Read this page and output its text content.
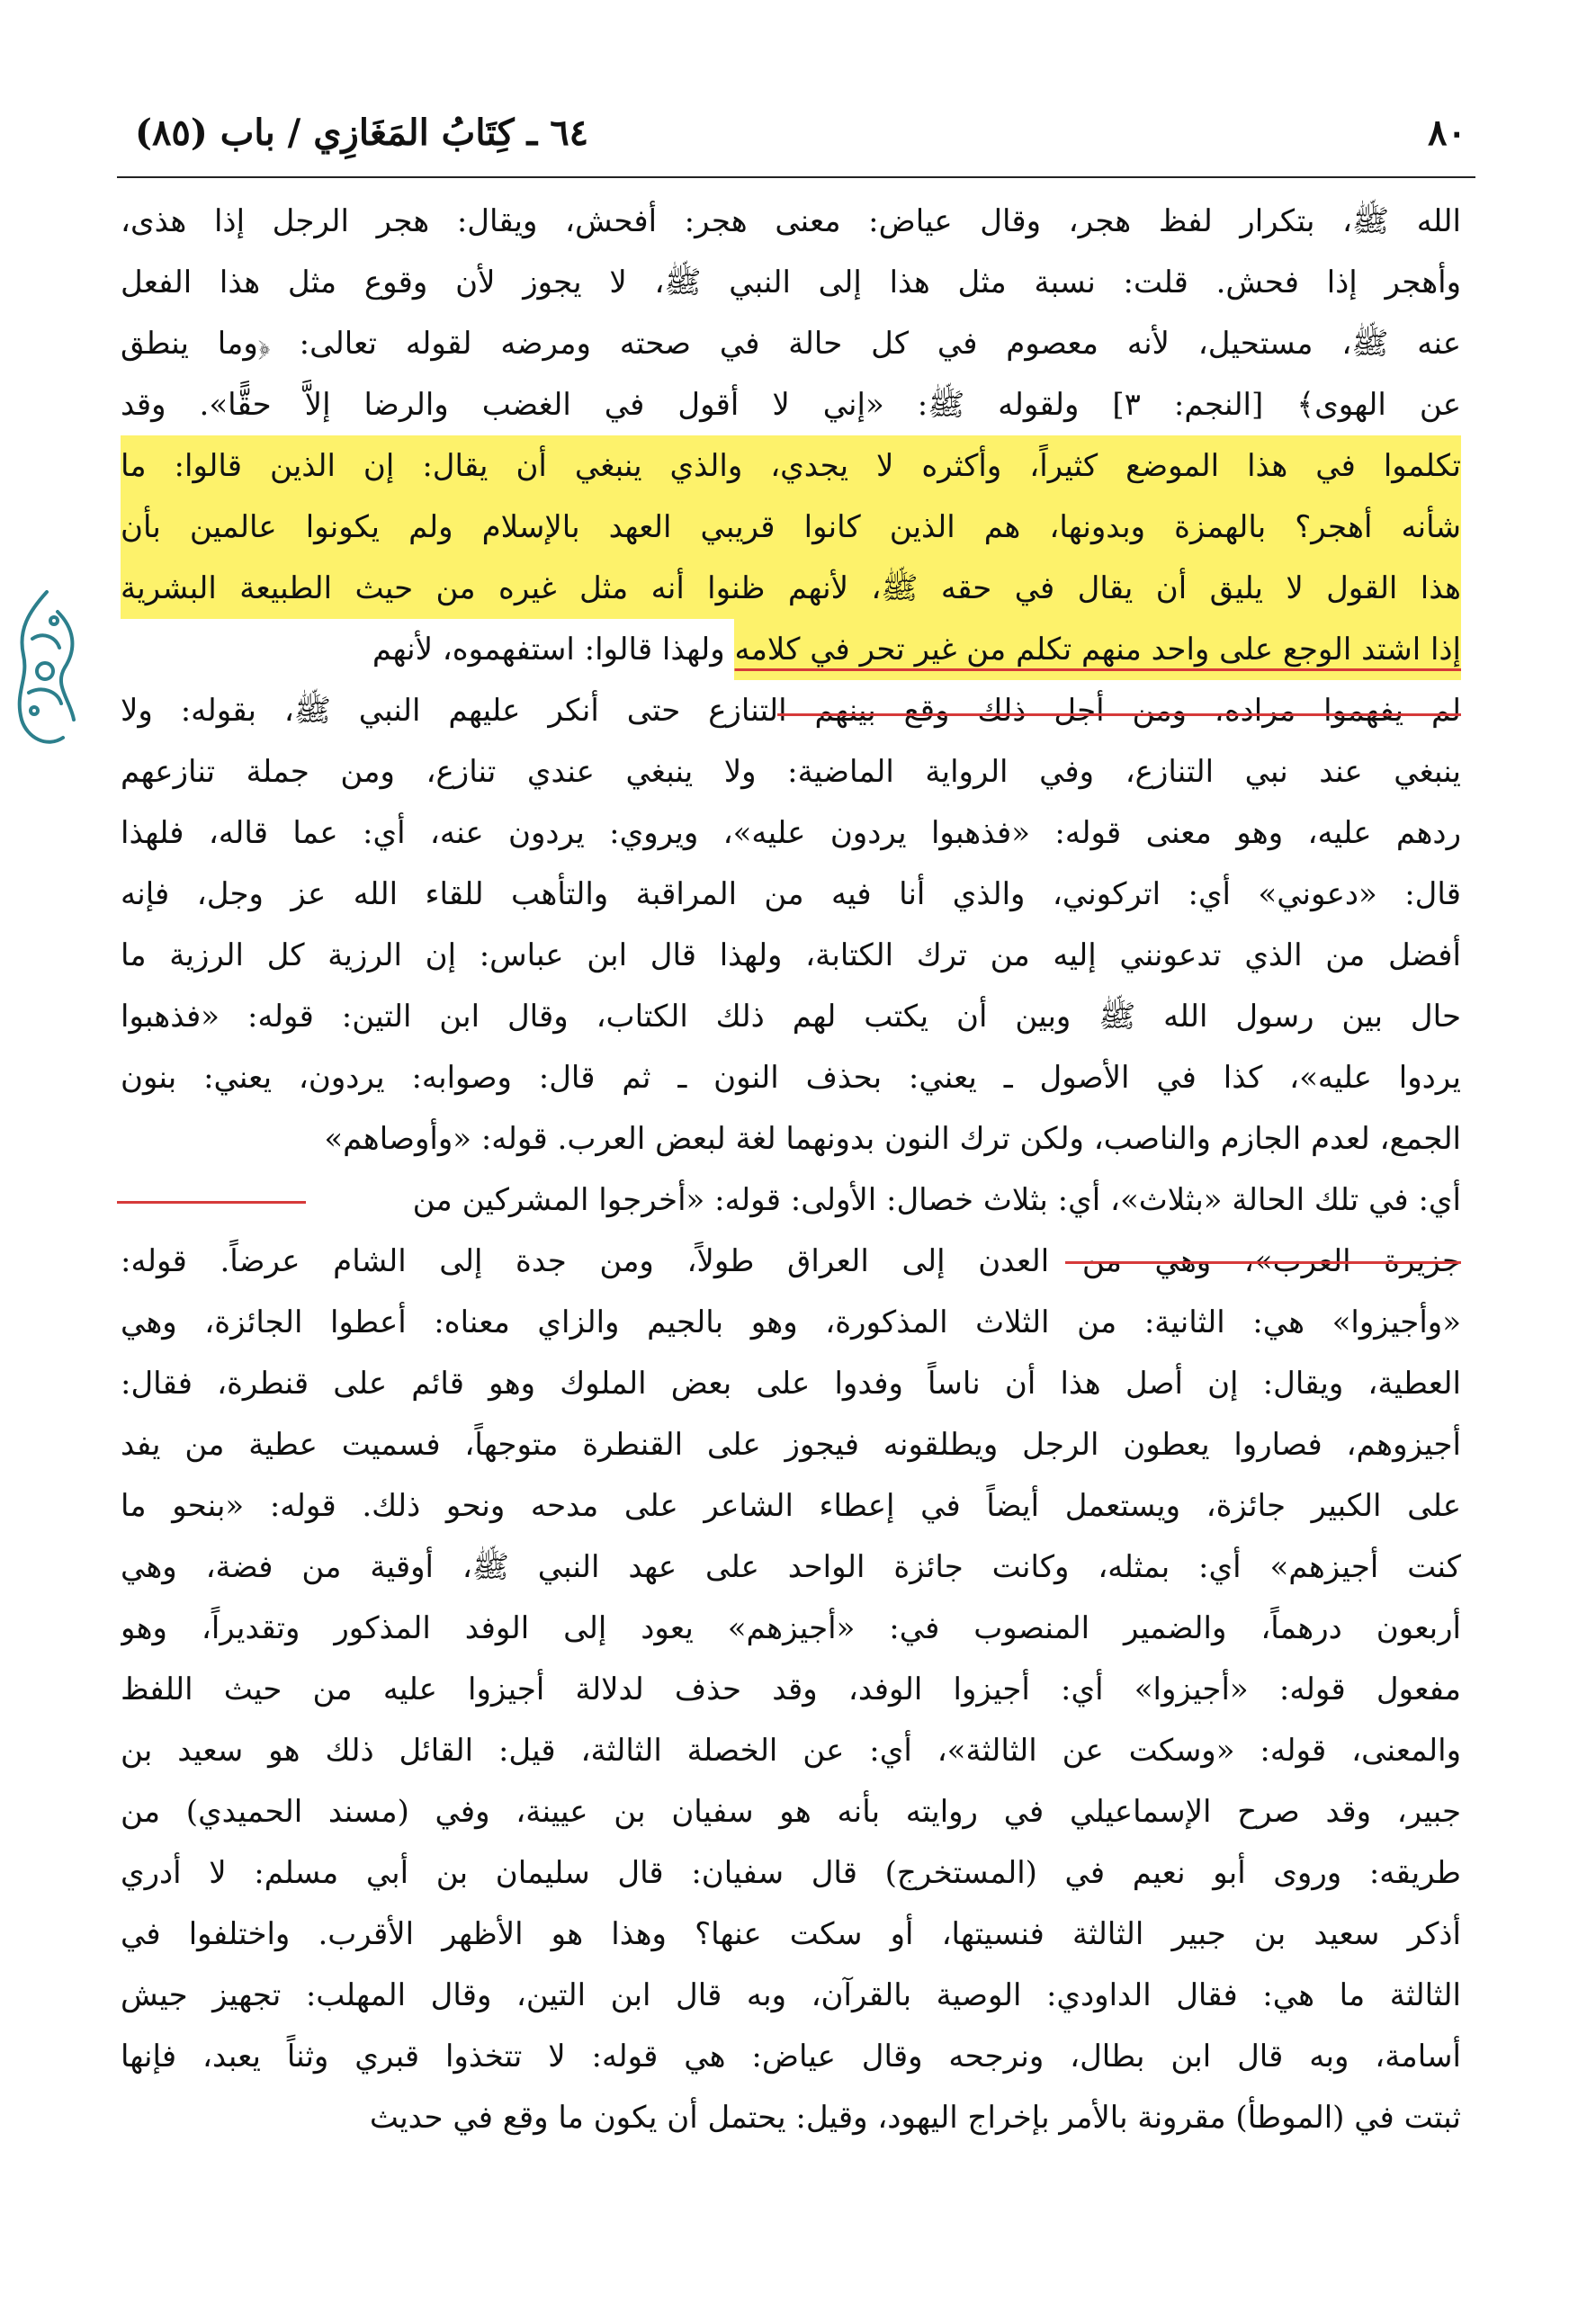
٨٠
٦٤ ـ كِتَابُ المَغَازِي / باب (٨٥)
الله ﷺ، بتكرار لفظ هجر، وقال عياض: معنى هجر: أفحش، ويقال: هجر الرجل إذا هذى،
وأهجر إذا فحش. قلت: نسبة مثل هذا إلى النبي ﷺ، لا يجوز لأن وقوع مثل هذا الفعل
عنه ﷺ، مستحيل، لأنه معصوم في كل حالة في صحته ومرضه لقوله تعالى: ﴿وما ينطق
عن الهوى﴾ [النجم: ٣] ولقوله ﷺ: «إني لا أقول في الغضب والرضا إلاَّ حقًّا». وقد
تكلموا في هذا الموضع كثيراً، وأكثره لا يجدي، والذي ينبغي أن يقال: إن الذين قالوا: ما
شأنه أهجر؟ بالهمزة وبدونها، هم الذين كانوا قريبي العهد بالإسلام ولم يكونوا عالمين بأن
هذا القول لا يليق أن يقال في حقه ﷺ، لأنهم ظنوا أنه مثل غيره من حيث الطبيعة البشرية
إذا اشتد الوجع على واحد منهم تكلم من غير تحر في كلامه ولهذا قالوا: استفهموه، لأنهم
لم يفهموا مراده، ومن أجل ذلك وقع بينهم التنازع حتى أنكر عليهم النبي ﷺ، بقوله: ولا
ينبغي عند نبي التنازع، وفي الرواية الماضية: ولا ينبغي عندي تنازع، ومن جملة تنازعهم
ردهم عليه، وهو معنى قوله: «فذهبوا يردون عليه»، ويروي: يردون عنه، أي: عما قاله، فلهذا
قال: «دعوني» أي: اتركوني، والذي أنا فيه من المراقبة والتأهب للقاء الله عز وجل، فإنه
أفضل من الذي تدعونني إليه من ترك الكتابة، ولهذا قال ابن عباس: إن الرزية كل الرزية ما
حال بين رسول الله ﷺ وبين أن يكتب لهم ذلك الكتاب، وقال ابن التين: قوله: «فذهبوا
يردوا عليه»، كذا في الأصول ـ يعني: بحذف النون ـ ثم قال: وصوابه: يردون، يعني: بنون
الجمع، لعدم الجازم والناصب، ولكن ترك النون بدونهما لغة لبعض العرب. قوله: «وأوصاهم»
أي: في تلك الحالة «بثلاث»، أي: بثلاث خصال: الأولى: قوله: «أخرجوا المشركين من
جزيرة العرب»، وهي من العدن إلى العراق طولاً، ومن جدة إلى الشام عرضاً. قوله:
«وأجيزوا» هي: الثانية: من الثلاث المذكورة، وهو بالجيم والزاي معناه: أعطوا الجائزة، وهي
العطية، ويقال: إن أصل هذا أن ناساً وفدوا على بعض الملوك وهو قائم على قنطرة، فقال:
أجيزوهم، فصاروا يعطون الرجل ويطلقونه فيجوز على القنطرة متوجهاً، فسميت عطية من يفد
على الكبير جائزة، ويستعمل أيضاً في إعطاء الشاعر على مدحه ونحو ذلك. قوله: «بنحو ما
كنت أجيزهم» أي: بمثله، وكانت جائزة الواحد على عهد النبي ﷺ، أوقية من فضة، وهي
أربعون درهماً، والضمير المنصوب في: «أجيزهم» يعود إلى الوفد المذكور وتقديراً، وهو
مفعول قوله: «أجيزوا» أي: أجيزوا الوفد، وقد حذف لدلالة أجيزوا عليه من حيث اللفظ
والمعنى، قوله: «وسكت عن الثالثة»، أي: عن الخصلة الثالثة، قيل: القائل ذلك هو سعيد بن
جبير، وقد صرح الإسماعيلي في روايته بأنه هو سفيان بن عيينة، وفي (مسند الحميدي) من
طريقه: وروى أبو نعيم في (المستخرج) قال سفيان: قال سليمان بن أبي مسلم: لا أدري
أذكر سعيد بن جبير الثالثة فنسيتها، أو سكت عنها؟ وهذا هو الأظهر الأقرب. واختلفوا في
الثالثة ما هي: فقال الداودي: الوصية بالقرآن، وبه قال ابن التين، وقال المهلب: تجهيز جيش
أسامة، وبه قال ابن بطال، ونرجحه وقال عياض: هي قوله: لا تتخذوا قبري وثناً يعبد، فإنها
ثبتت في (الموطأ) مقرونة بالأمر بإخراج اليهود، وقيل: يحتمل أن يكون ما وقع في حديث
